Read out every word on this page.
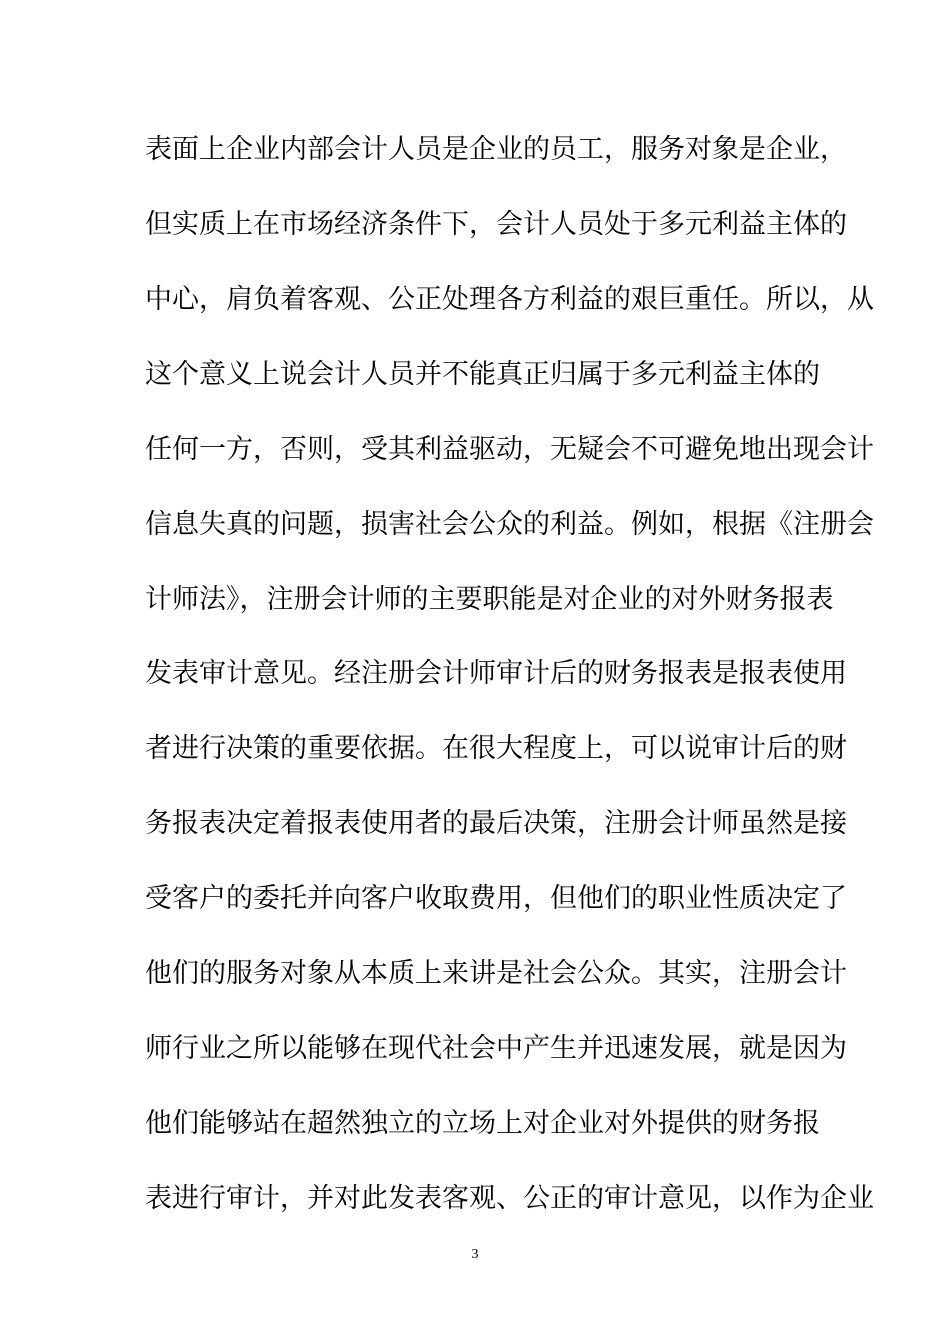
表面上企业内部会计人员是企业的员工，服务对象是企业，
但实质上在市场经济条件下，会计人员处于多元利益主体的
中心，肩负着客观、公正处理各方利益的艰巨重任。所以，从
这个意义上说会计人员并不能真正归属于多元利益主体的
任何一方，否则，受其利益驱动，无疑会不可避免地出现会计
信息失真的问题，损害社会公众的利益。例如，根据《注册会
计师法》，注册会计师的主要职能是对企业的对外财务报表
发表审计意见。经注册会计师审计后的财务报表是报表使用
者进行决策的重要依据。在很大程度上，可以说审计后的财
务报表决定着报表使用者的最后决策，注册会计师虽然是接
受客户的委托并向客户收取费用，但他们的职业性质决定了
他们的服务对象从本质上来讲是社会公众。其实，注册会计
师行业之所以能够在现代社会中产生并迅速发展，就是因为
他们能够站在超然独立的立场上对企业对外提供的财务报
表进行审计，并对此发表客观、公正的审计意见，以作为企业
3
